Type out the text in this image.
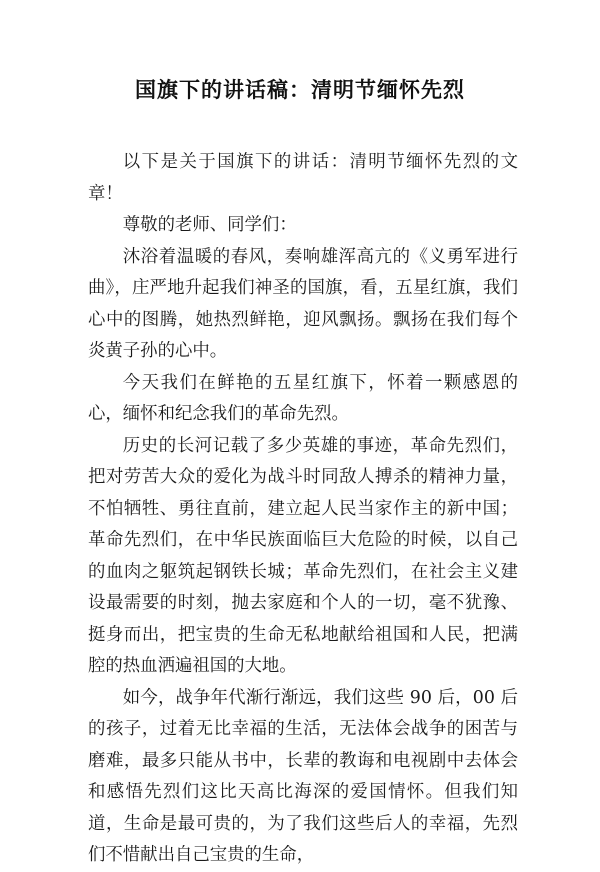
国旗下的讲话稿：清明节缅怀先烈

以下是关于国旗下的讲话：清明节缅怀先烈的文章！

尊敬的老师、同学们：

沐浴着温暖的春风，奏响雄浑高亢的《义勇军进行曲》，庄严地升起我们神圣的国旗，看，五星红旗，我们心中的图腾，她热烈鲜艳，迎风飘扬。飘扬在我们每个炎黄子孙的心中。

今天我们在鲜艳的五星红旗下，怀着一颗感恩的心，缅怀和纪念我们的革命先烈。

历史的长河记载了多少英雄的事迹，革命先烈们，把对劳苦大众的爱化为战斗时同敌人搏杀的精神力量，不怕牺牲、勇往直前，建立起人民当家作主的新中国；革命先烈们，在中华民族面临巨大危险的时候，以自己的血肉之躯筑起钢铁长城；革命先烈们，在社会主义建设最需要的时刻，抛去家庭和个人的一切，毫不犹豫、挺身而出，把宝贵的生命无私地献给祖国和人民，把满腔的热血洒遍祖国的大地。

如今，战争年代渐行渐远，我们这些 90 后，00 后的孩子，过着无比幸福的生活，无法体会战争的困苦与磨难，最多只能从书中，长辈的教诲和电视剧中去体会和感悟先烈们这比天高比海深的爱国情怀。但我们知道，生命是最可贵的，为了我们这些后人的幸福，先烈们不惜献出自己宝贵的生命，
